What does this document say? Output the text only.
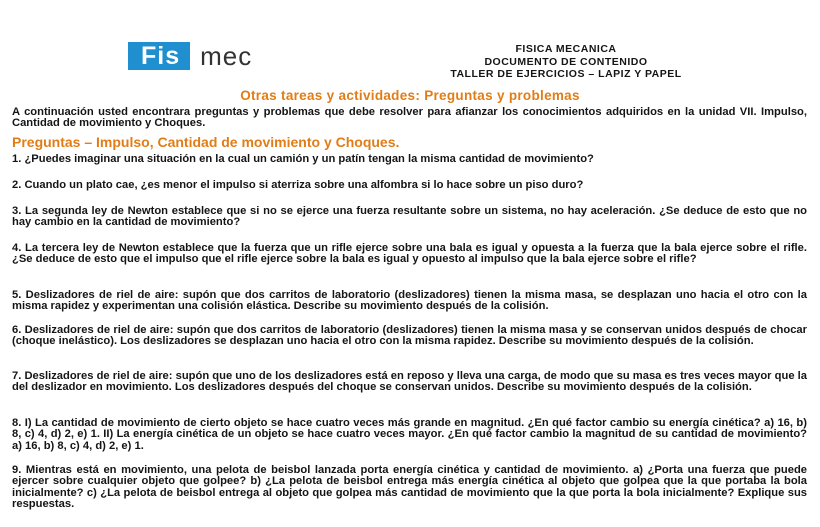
Fis mec	FISICA MECANICA
DOCUMENTO DE CONTENIDO
TALLER DE EJERCICIOS – LAPIZ Y PAPEL
Otras tareas y actividades: Preguntas y problemas
A continuación usted encontrara preguntas y problemas que debe resolver para afianzar los conocimientos adquiridos en la unidad VII. Impulso, Cantidad de movimiento y Choques.
Preguntas – Impulso, Cantidad de movimiento y Choques.
1. ¿Puedes imaginar una situación en la cual un camión y un patín tengan la misma cantidad de movimiento?
2. Cuando un plato cae, ¿es menor el impulso si aterriza sobre una alfombra si lo hace sobre un piso duro?
3. La segunda ley de Newton establece que si no se ejerce una fuerza resultante sobre un sistema, no hay aceleración. ¿Se deduce de esto que no hay cambio en la cantidad de movimiento?
4. La tercera ley de Newton establece que la fuerza que un rifle ejerce sobre una bala es igual y opuesta a la fuerza que la bala ejerce sobre el rifle. ¿Se deduce de esto que el impulso que el rifle ejerce sobre la bala es igual y opuesto al impulso que la bala ejerce sobre el rifle?
5. Deslizadores de riel de aire: supón que dos carritos de laboratorio (deslizadores) tienen la misma masa, se desplazan uno hacia el otro con la misma rapidez y experimentan una colisión elástica. Describe su movimiento después de la colisión.
6. Deslizadores de riel de aire: supón que dos carritos de laboratorio (deslizadores) tienen la misma masa y se conservan unidos después de chocar (choque inelástico). Los deslizadores se desplazan uno hacia el otro con la misma rapidez. Describe su movimiento después de la colisión.
7. Deslizadores de riel de aire: supón que uno de los deslizadores está en reposo y lleva una carga, de modo que su masa es tres veces mayor que la del deslizador en movimiento. Los deslizadores después del choque se conservan unidos. Describe su movimiento después de la colisión.
8. I) La cantidad de movimiento de cierto objeto se hace cuatro veces más grande en magnitud. ¿En qué factor cambio su energía cinética? a) 16, b) 8, c) 4, d) 2, e) 1. II) La energía cinética de un objeto se hace cuatro veces mayor. ¿En qué factor cambio la magnitud de su cantidad de movimiento? a) 16, b) 8, c) 4, d) 2, e) 1.
9. Mientras está en movimiento, una pelota de beisbol lanzada porta energía cinética y cantidad de movimiento. a) ¿Porta una fuerza que puede ejercer sobre cualquier objeto que golpee? b) ¿La pelota de beisbol entrega más energía cinética al objeto que golpea que la que portaba la bola inicialmente? c) ¿La pelota de beisbol entrega al objeto que golpea más cantidad de movimiento que la que porta la bola inicialmente? Explique sus respuestas.
